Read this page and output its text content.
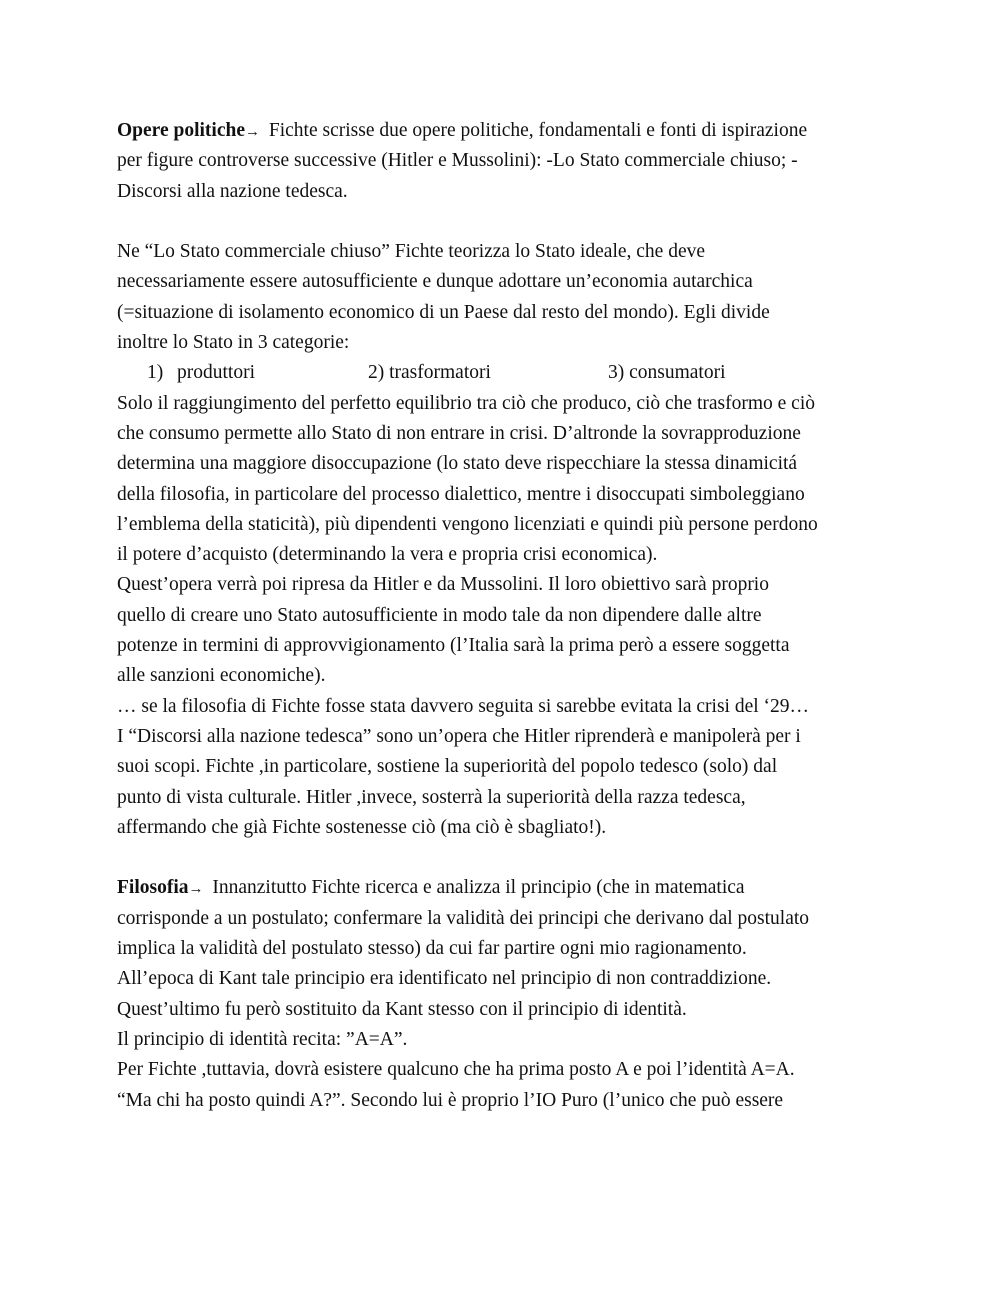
Opere politiche→ Fichte scrisse due opere politiche, fondamentali e fonti di ispirazione
per figure controverse successive (Hitler e Mussolini): -Lo Stato commerciale chiuso; -
Discorsi alla nazione tedesca.
Ne “Lo Stato commerciale chiuso” Fichte teorizza lo Stato ideale, che deve
necessariamente essere autosufficiente e dunque adottare un’economia autarchica
(=situazione di isolamento economico di un Paese dal resto del mondo). Egli divide
inoltre lo Stato in 3 categorie:
1) produttori	2) trasformatori	3) consumatori
Solo il raggiungimento del perfetto equilibrio tra ciò che produco, ciò che trasformo e ciò
che consumo permette allo Stato di non entrare in crisi. D’altronde la sovrapproduzione
determina una maggiore disoccupazione (lo stato deve rispecchiare la stessa dinamicitá
della filosofia, in particolare del processo dialettico, mentre i disoccupati simboleggiano
l’emblema della staticità), più dipendenti vengono licenziati e quindi più persone perdono
il potere d’acquisto (determinando la vera e propria crisi economica).
Quest’opera verrà poi ripresa da Hitler e da Mussolini. Il loro obiettivo sarà proprio
quello di creare uno Stato autosufficiente in modo tale da non dipendere dalle altre
potenze in termini di approvvigionamento (l’Italia sarà la prima però a essere soggetta
alle sanzioni economiche).
… se la filosofia di Fichte fosse stata davvero seguita si sarebbe evitata la crisi del ‘29…
I “Discorsi alla nazione tedesca” sono un’opera che Hitler riprenderà e manipolerà per i
suoi scopi. Fichte ,in particolare, sostiene la superiorità del popolo tedesco (solo) dal
punto di vista culturale. Hitler ,invece, sosterrà la superiorità della razza tedesca,
affermando che già Fichte sostenesse ciò (ma ciò è sbagliato!).
Filosofia→ Innanzitutto Fichte ricerca e analizza il principio (che in matematica
corrisponde a un postulato; confermare la validità dei principi che derivano dal postulato
implica la validità del postulato stesso) da cui far partire ogni mio ragionamento.
All’epoca di Kant tale principio era identificato nel principio di non contraddizione.
Quest’ultimo fu però sostituito da Kant stesso con il principio di identità.
Il principio di identità recita: ”A=A”.
Per Fichte ,tuttavia, dovrà esistere qualcuno che ha prima posto A e poi l’identità A=A.
“Ma chi ha posto quindi A?”. Secondo lui è proprio l’IO Puro (l’unico che può essere
